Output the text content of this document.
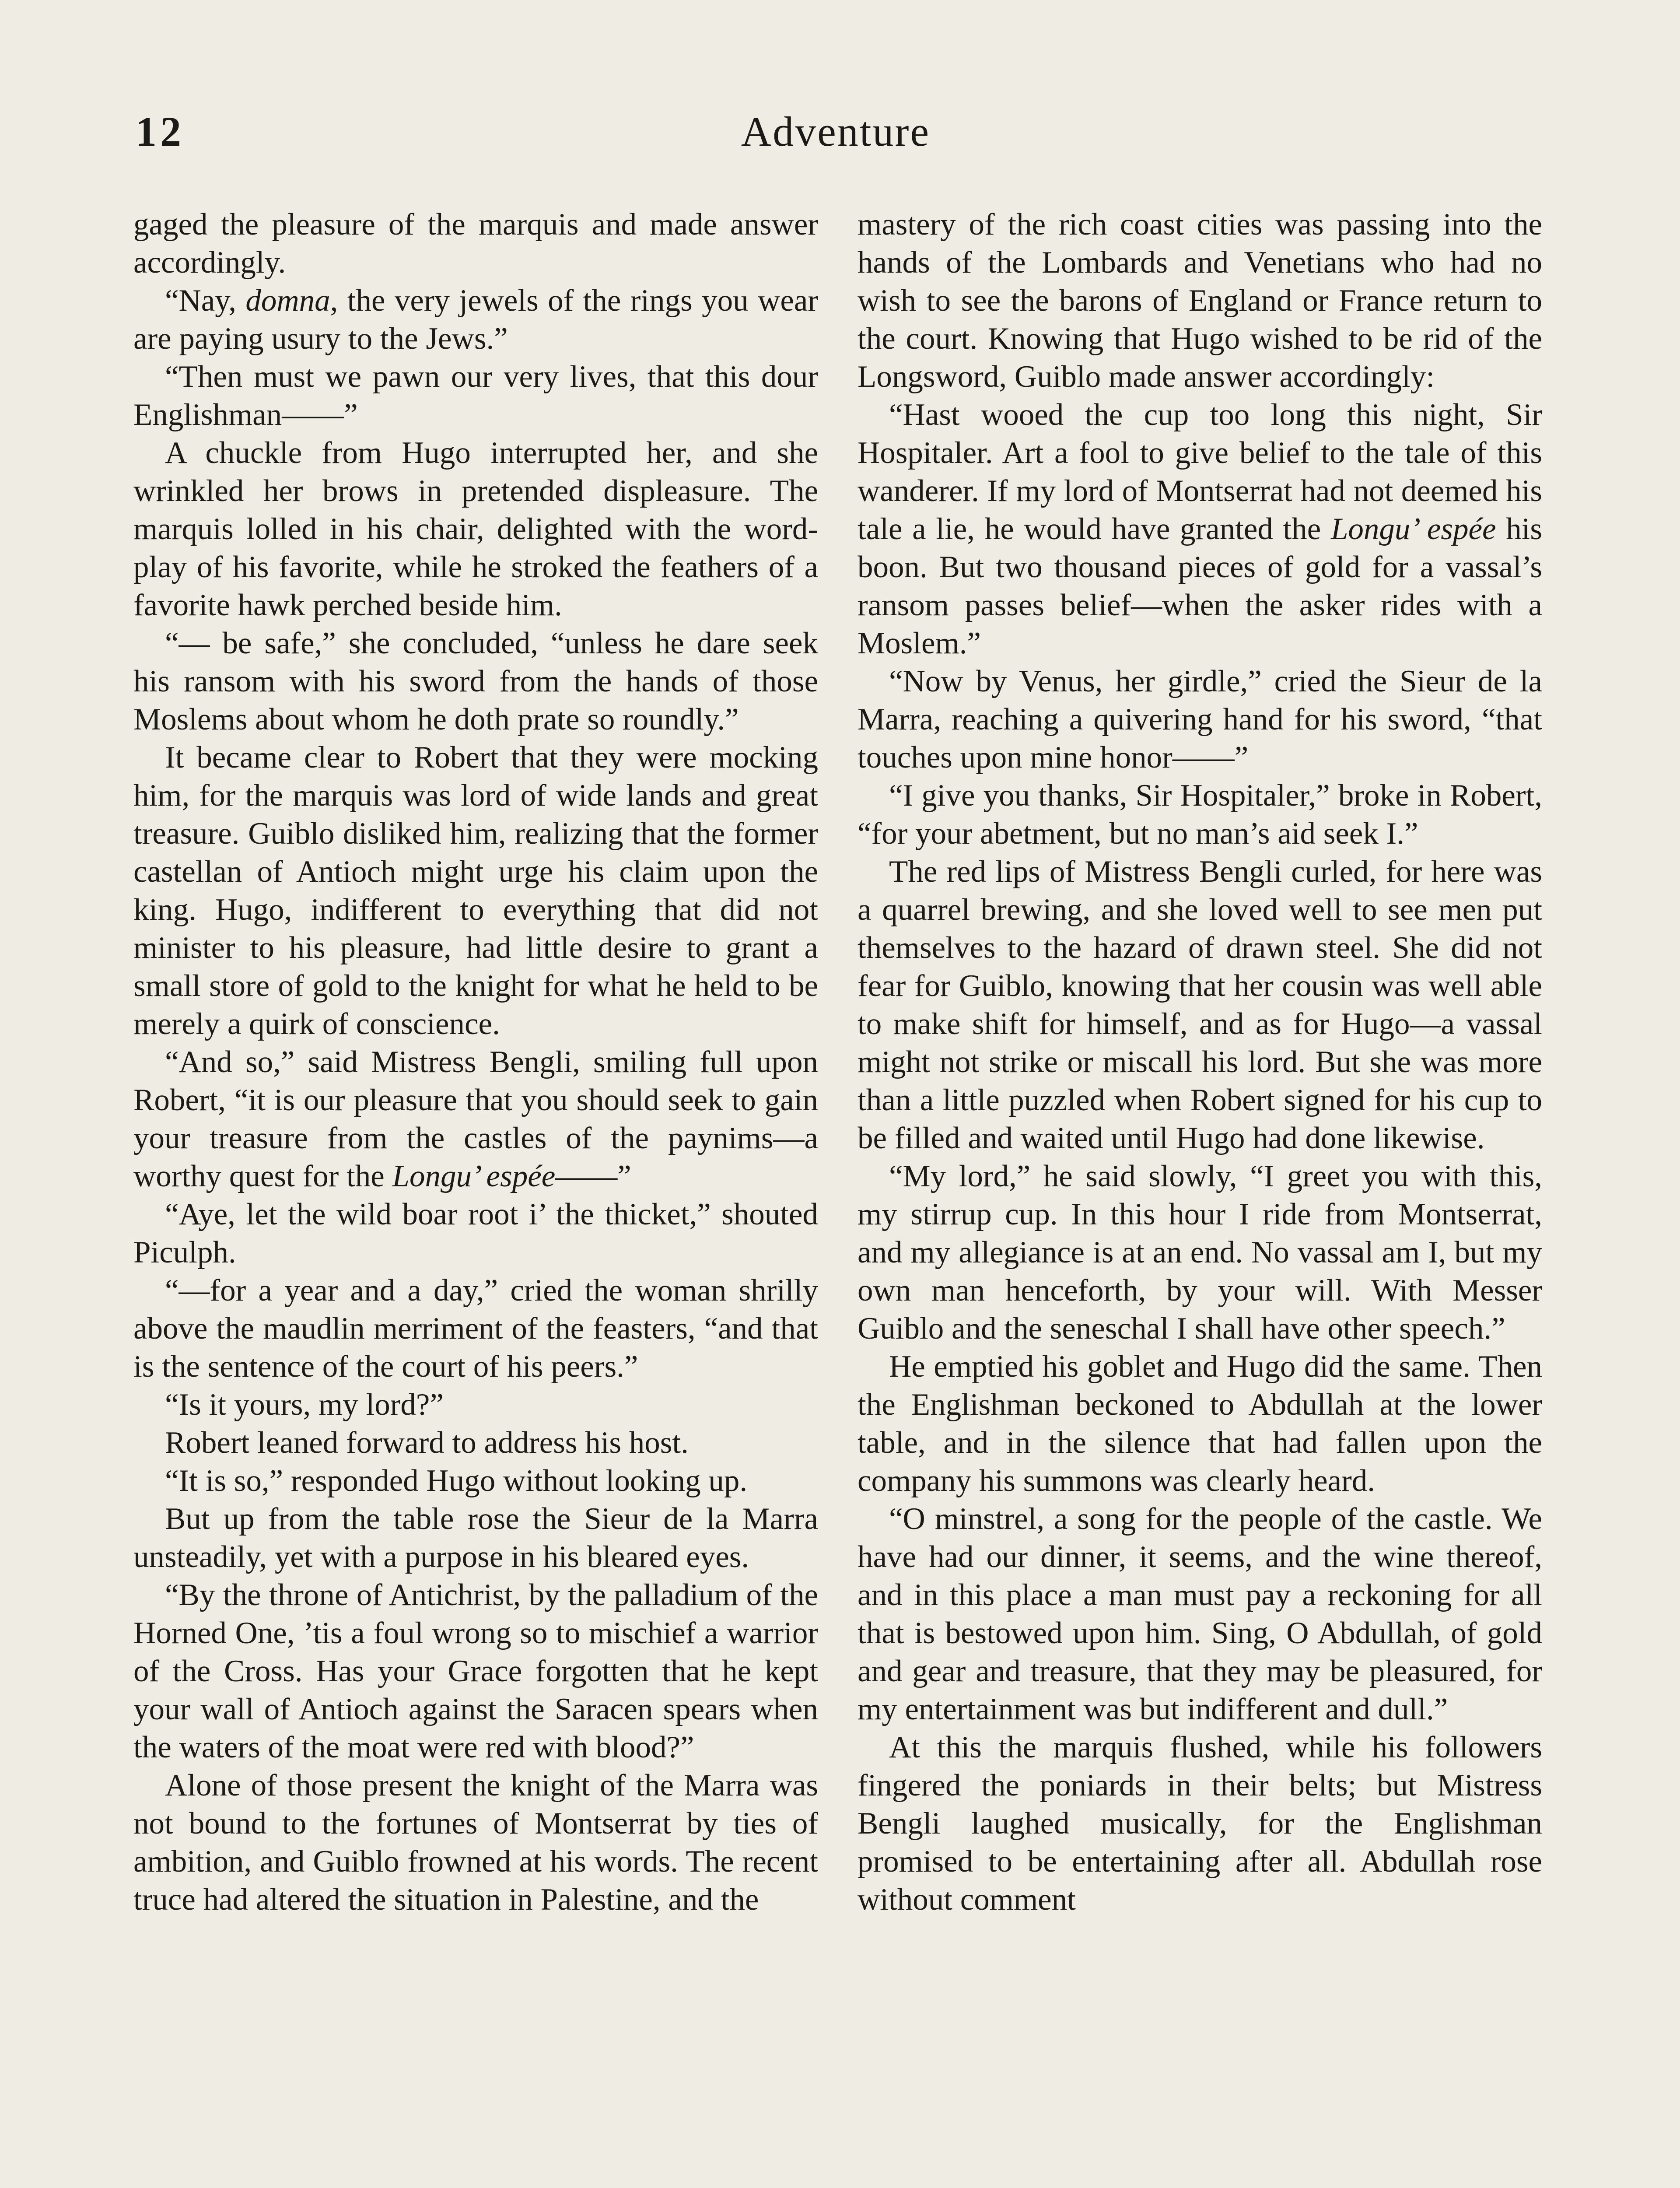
12	Adventure

gaged the pleasure of the marquis and made answer accordingly.

“Nay, domna, the very jewels of the rings you wear are paying usury to the Jews.”

“Then must we pawn our very lives, that this dour Englishman——”

A chuckle from Hugo interrupted her, and she wrinkled her brows in pretended displeasure. The marquis lolled in his chair, delighted with the word-play of his favorite, while he stroked the feathers of a favorite hawk perched beside him.

“— be safe,” she concluded, “unless he dare seek his ransom with his sword from the hands of those Moslems about whom he doth prate so roundly.”

It became clear to Robert that they were mocking him, for the marquis was lord of wide lands and great treasure. Guiblo disliked him, realizing that the former castellan of Antioch might urge his claim upon the king. Hugo, indifferent to everything that did not minister to his pleasure, had little desire to grant a small store of gold to the knight for what he held to be merely a quirk of conscience.

“And so,” said Mistress Bengli, smiling full upon Robert, “it is our pleasure that you should seek to gain your treasure from the castles of the paynims—a worthy quest for the Longu’ espée——”

“Aye, let the wild boar root i’ the thicket,” shouted Piculph.

“—for a year and a day,” cried the woman shrilly above the maudlin merriment of the feasters, “and that is the sentence of the court of his peers.”

“Is it yours, my lord?”

Robert leaned forward to address his host.

“It is so,” responded Hugo without looking up.

But up from the table rose the Sieur de la Marra unsteadily, yet with a purpose in his bleared eyes.

“By the throne of Antichrist, by the palladium of the Horned One, ’tis a foul wrong so to mischief a warrior of the Cross. Has your Grace forgotten that he kept your wall of Antioch against the Saracen spears when the waters of the moat were red with blood?”

Alone of those present the knight of the Marra was not bound to the fortunes of Montserrat by ties of ambition, and Guiblo frowned at his words. The recent truce had altered the situation in Palestine, and the

mastery of the rich coast cities was passing into the hands of the Lombards and Venetians who had no wish to see the barons of England or France return to the court. Knowing that Hugo wished to be rid of the Longsword, Guiblo made answer accordingly:

“Hast wooed the cup too long this night, Sir Hospitaler. Art a fool to give belief to the tale of this wanderer. If my lord of Montserrat had not deemed his tale a lie, he would have granted the Longu’ espée his boon. But two thousand pieces of gold for a vassal’s ransom passes belief—when the asker rides with a Moslem.”

“Now by Venus, her girdle,” cried the Sieur de la Marra, reaching a quivering hand for his sword, “that touches upon mine honor——”

“I give you thanks, Sir Hospitaler,” broke in Robert, “for your abetment, but no man’s aid seek I.”

The red lips of Mistress Bengli curled, for here was a quarrel brewing, and she loved well to see men put themselves to the hazard of drawn steel. She did not fear for Guiblo, knowing that her cousin was well able to make shift for himself, and as for Hugo—a vassal might not strike or miscall his lord. But she was more than a little puzzled when Robert signed for his cup to be filled and waited until Hugo had done likewise.

“My lord,” he said slowly, “I greet you with this, my stirrup cup. In this hour I ride from Montserrat, and my allegiance is at an end. No vassal am I, but my own man henceforth, by your will. With Messer Guiblo and the seneschal I shall have other speech.”

He emptied his goblet and Hugo did the same. Then the Englishman beckoned to Abdullah at the lower table, and in the silence that had fallen upon the company his summons was clearly heard.

“O minstrel, a song for the people of the castle. We have had our dinner, it seems, and the wine thereof, and in this place a man must pay a reckoning for all that is bestowed upon him. Sing, O Abdullah, of gold and gear and treasure, that they may be pleasured, for my entertainment was but indifferent and dull.”

At this the marquis flushed, while his followers fingered the poniards in their belts; but Mistress Bengli laughed musically, for the Englishman promised to be entertaining after all. Abdullah rose without comment
